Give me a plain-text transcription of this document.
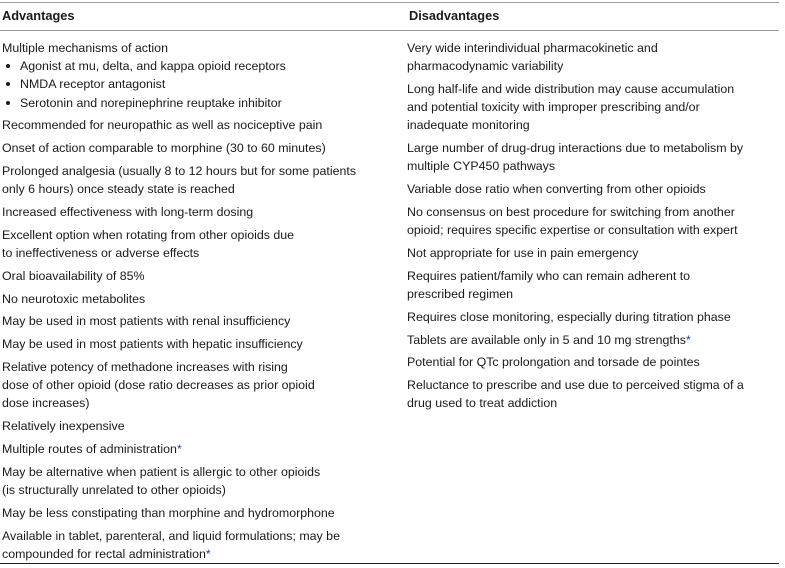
Advantages	Disadvantages
Multiple mechanisms of action
Agonist at mu, delta, and kappa opioid receptors
NMDA receptor antagonist
Serotonin and norepinephrine reuptake inhibitor
Recommended for neuropathic as well as nociceptive pain
Onset of action comparable to morphine (30 to 60 minutes)
Prolonged analgesia (usually 8 to 12 hours but for some patients
only 6 hours) once steady state is reached
Increased effectiveness with long-term dosing
Excellent option when rotating from other opioids due
to ineffectiveness or adverse effects
Oral bioavailability of 85%
No neurotoxic metabolites
May be used in most patients with renal insufficiency
May be used in most patients with hepatic insufficiency
Relative potency of methadone increases with rising
dose of other opioid (dose ratio decreases as prior opioid
dose increases)
Relatively inexpensive
Multiple routes of administration*
May be alternative when patient is allergic to other opioids
(is structurally unrelated to other opioids)
May be less constipating than morphine and hydromorphone
Available in tablet, parenteral, and liquid formulations; may be
compounded for rectal administration*
Very wide interindividual pharmacokinetic and
pharmacodynamic variability
Long half-life and wide distribution may cause accumulation
and potential toxicity with improper prescribing and/or
inadequate monitoring
Large number of drug-drug interactions due to metabolism by
multiple CYP450 pathways
Variable dose ratio when converting from other opioids
No consensus on best procedure for switching from another
opioid; requires specific expertise or consultation with expert
Not appropriate for use in pain emergency
Requires patient/family who can remain adherent to
prescribed regimen
Requires close monitoring, especially during titration phase
Tablets are available only in 5 and 10 mg strengths*
Potential for QTc prolongation and torsade de pointes
Reluctance to prescribe and use due to perceived stigma of a
drug used to treat addiction
